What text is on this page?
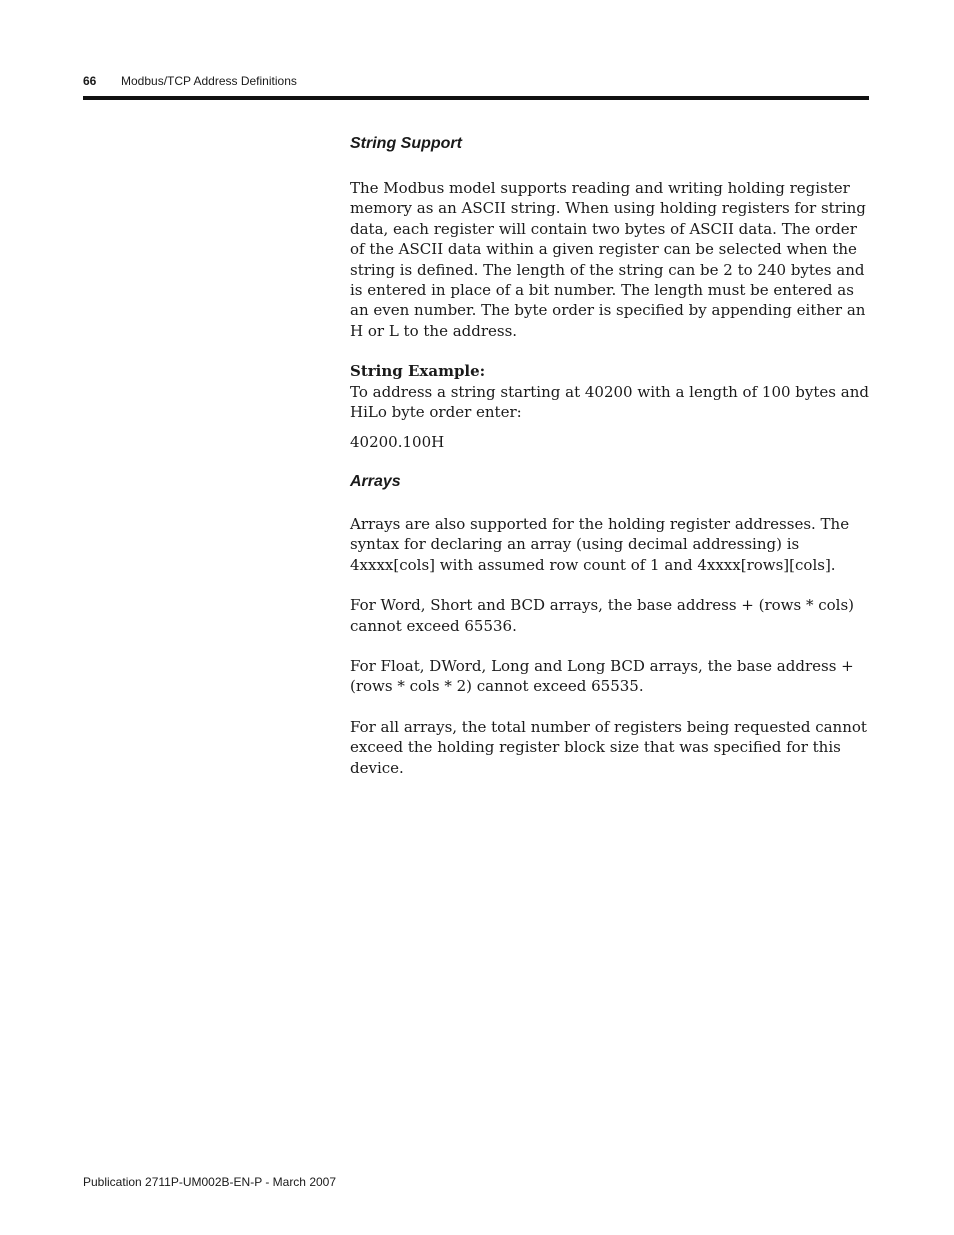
66 Modbus/TCP Address Definitions
String Support

The Modbus model supports reading and writing holding register memory as an ASCII string. When using holding registers for string data, each register will contain two bytes of ASCII data. The order of the ASCII data within a given register can be selected when the string is defined. The length of the string can be 2 to 240 bytes and is entered in place of a bit number. The length must be entered as an even number. The byte order is specified by appending either an H or L to the address.

String Example:

To address a string starting at 40200 with a length of 100 bytes and HiLo byte order enter:

40200.100H

Arrays

Arrays are also supported for the holding register addresses. The syntax for declaring an array (using decimal addressing) is 4xxxx[cols] with assumed row count of 1 and 4xxxx[rows][cols].

For Word, Short and BCD arrays, the base address + (rows * cols) cannot exceed 65536.

For Float, DWord, Long and Long BCD arrays, the base address + (rows * cols * 2) cannot exceed 65535.

For all arrays, the total number of registers being requested cannot exceed the holding register block size that was specified for this device.

Publication 2711P-UM002B-EN-P - March 2007
